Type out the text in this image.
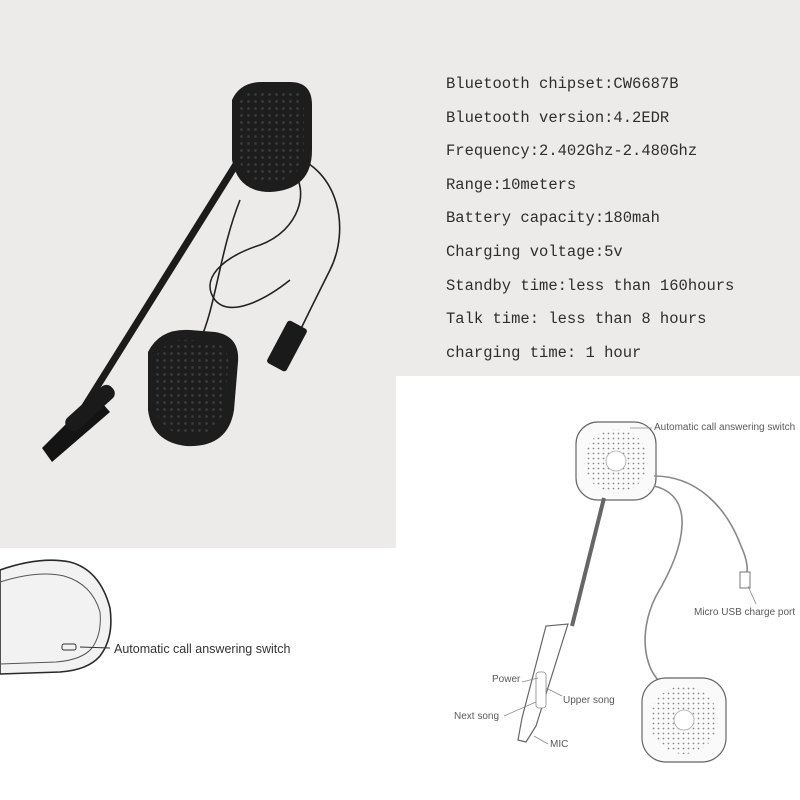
Bluetooth chipset:CW6687B
Bluetooth version:4.2EDR
Frequency:2.402Ghz-2.480Ghz
Range:10meters
Battery capacity:180mah
Charging voltage:5v
Standby time:less than 160hours
Talk time: less than 8 hours
charging time: 1 hour
Automatic call answering switch
Automatic call answering switch
Micro USB charge port
Power
Upper song
Next song
MIC
